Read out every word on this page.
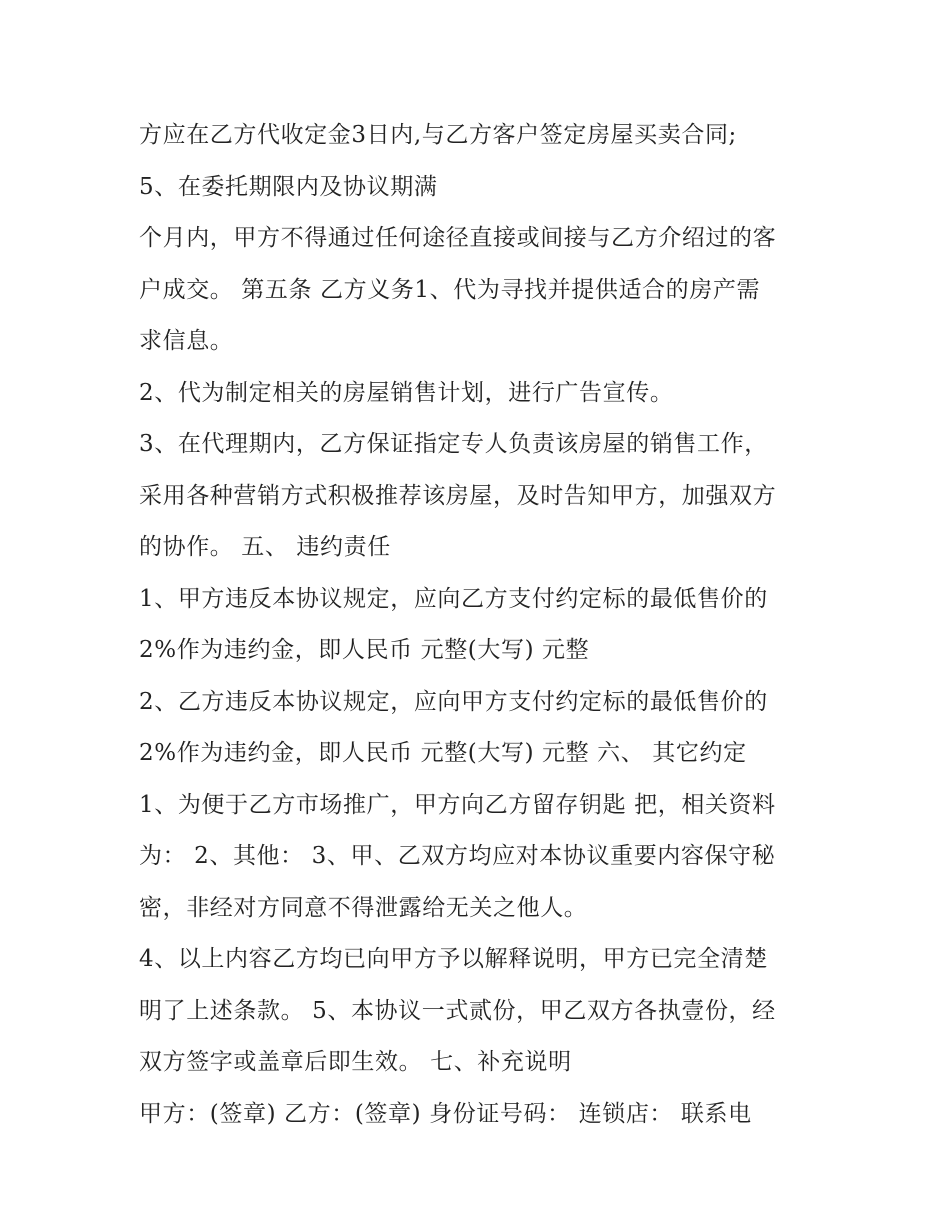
方应在乙方代收定金3日内,与乙方客户签定房屋买卖合同;
5、在委托期限内及协议期满
个月内，甲方不得通过任何途径直接或间接与乙方介绍过的客
户成交。 第五条 乙方义务1、代为寻找并提供适合的房产需
求信息。
2、代为制定相关的房屋销售计划，进行广告宣传。
3、在代理期内，乙方保证指定专人负责该房屋的销售工作，
采用各种营销方式积极推荐该房屋，及时告知甲方，加强双方
的协作。 五、 违约责任
1、甲方违反本协议规定，应向乙方支付约定标的最低售价的
2%作为违约金，即人民币 元整(大写) 元整
2、乙方违反本协议规定，应向甲方支付约定标的最低售价的
2%作为违约金，即人民币 元整(大写) 元整 六、 其它约定
1、为便于乙方市场推广，甲方向乙方留存钥匙 把，相关资料
为： 2、其他： 3、甲、乙双方均应对本协议重要内容保守秘
密，非经对方同意不得泄露给无关之他人。
4、以上内容乙方均已向甲方予以解释说明，甲方已完全清楚
明了上述条款。 5、本协议一式贰份，甲乙双方各执壹份，经
双方签字或盖章后即生效。 七、补充说明
甲方：(签章) 乙方：(签章) 身份证号码： 连锁店： 联系电
